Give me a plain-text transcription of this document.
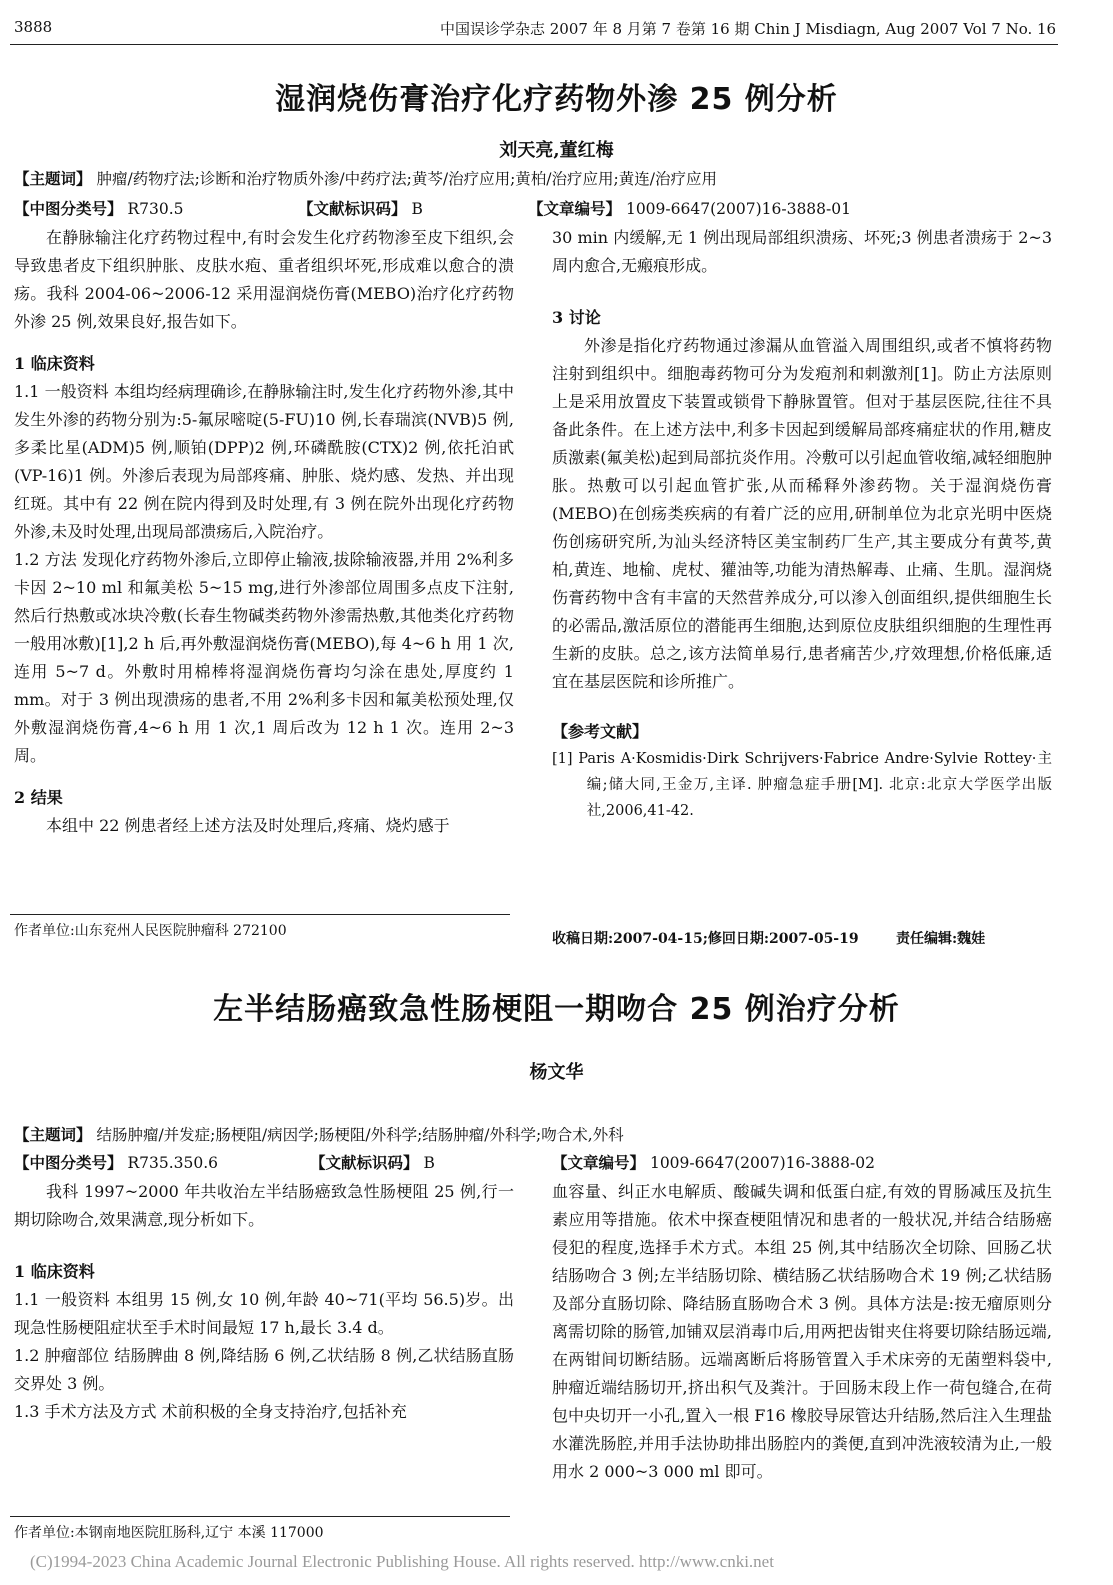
3888	中国误诊学杂志 2007 年 8 月第 7 卷第 16 期 Chin J Misdiagn, Aug 2007 Vol 7 No. 16
湿润烧伤膏治疗化疗药物外渗 25 例分析
刘天亮,董红梅
【主题词】 肿瘤/药物疗法;诊断和治疗物质外渗/中药疗法;黄芩/治疗应用;黄柏/治疗应用;黄连/治疗应用
【中图分类号】 R730.5	【文献标识码】 B	【文章编号】 1009-6647(2007)16-3888-01

在静脉输注化疗药物过程中,有时会发生化疗药物渗至皮下组织,会导致患者皮下组织肿胀、皮肤水疱、重者组织坏死,形成难以愈合的溃疡。我科 2004-06~2006-12 采用湿润烧伤膏(MEBO)治疗化疗药物外渗 25 例,效果良好,报告如下。

1 临床资料

1.1 一般资料 本组均经病理确诊,在静脉输注时,发生化疗药物外渗,其中发生外渗的药物分别为:5-氟尿嘧啶(5-FU)10 例,长春瑞滨(NVB)5 例,多柔比星(ADM)5 例,顺铂(DPP)2 例,环磷酰胺(CTX)2 例,依托泊甙(VP-16)1 例。外渗后表现为局部疼痛、肿胀、烧灼感、发热、并出现红斑。其中有 22 例在院内得到及时处理,有 3 例在院外出现化疗药物外渗,未及时处理,出现局部溃疡后,入院治疗。

1.2 方法 发现化疗药物外渗后,立即停止输液,拔除输液器,并用 2%利多卡因 2~10 ml 和氟美松 5~15 mg,进行外渗部位周围多点皮下注射,然后行热敷或冰块冷敷(长春生物碱类药物外渗需热敷,其他类化疗药物一般用冰敷)[1],2 h 后,再外敷湿润烧伤膏(MEBO),每 4~6 h 用 1 次,连用 5~7 d。外敷时用棉棒将湿润烧伤膏均匀涂在患处,厚度约 1 mm。对于 3 例出现溃疡的患者,不用 2%利多卡因和氟美松预处理,仅外敷湿润烧伤膏,4~6 h 用 1 次,1 周后改为 12 h 1 次。连用 2~3 周。

2 结果

本组中 22 例患者经上述方法及时处理后,疼痛、烧灼感于

30 min 内缓解,无 1 例出现局部组织溃疡、坏死;3 例患者溃疡于 2~3 周内愈合,无瘢痕形成。

3 讨论

外渗是指化疗药物通过渗漏从血管溢入周围组织,或者不慎将药物注射到组织中。细胞毒药物可分为发疱剂和刺激剂[1]。防止方法原则上是采用放置皮下装置或锁骨下静脉置管。但对于基层医院,往往不具备此条件。在上述方法中,利多卡因起到缓解局部疼痛症状的作用,糖皮质激素(氟美松)起到局部抗炎作用。冷敷可以引起血管收缩,减轻细胞肿胀。热敷可以引起血管扩张,从而稀释外渗药物。关于湿润烧伤膏(MEBO)在创疡类疾病的有着广泛的应用,研制单位为北京光明中医烧伤创疡研究所,为汕头经济特区美宝制药厂生产,其主要成分有黄芩,黄柏,黄连、地榆、虎杖、獾油等,功能为清热解毒、止痛、生肌。湿润烧伤膏药物中含有丰富的天然营养成分,可以渗入创面组织,提供细胞生长的必需品,激活原位的潜能再生细胞,达到原位皮肤组织细胞的生理性再生新的皮肤。总之,该方法简单易行,患者痛苦少,疗效理想,价格低廉,适宜在基层医院和诊所推广。

【参考文献】

[1] Paris A·Kosmidis·Dirk Schrijvers·Fabrice Andre·Sylvie Rottey·主编;储大同,王金万,主译. 肿瘤急症手册[M]. 北京:北京大学医学出版社,2006,41-42.

作者单位:山东兖州人民医院肿瘤科 272100	收稿日期:2007-04-15;修回日期:2007-05-19	责任编辑:魏娃
左半结肠癌致急性肠梗阻一期吻合 25 例治疗分析
杨文华
【主题词】 结肠肿瘤/并发症;肠梗阻/病因学;肠梗阻/外科学;结肠肿瘤/外科学;吻合术,外科
【中图分类号】 R735.350.6	【文献标识码】 B	【文章编号】 1009-6647(2007)16-3888-02

我科 1997~2000 年共收治左半结肠癌致急性肠梗阻 25 例,行一期切除吻合,效果满意,现分析如下。

1 临床资料

1.1 一般资料 本组男 15 例,女 10 例,年龄 40~71(平均 56.5)岁。出现急性肠梗阻症状至手术时间最短 17 h,最长 3.4 d。

1.2 肿瘤部位 结肠脾曲 8 例,降结肠 6 例,乙状结肠 8 例,乙状结肠直肠交界处 3 例。

1.3 手术方法及方式 术前积极的全身支持治疗,包括补充

血容量、纠正水电解质、酸碱失调和低蛋白症,有效的胃肠减压及抗生素应用等措施。依术中探查梗阻情况和患者的一般状况,并结合结肠癌侵犯的程度,选择手术方式。本组 25 例,其中结肠次全切除、回肠乙状结肠吻合 3 例;左半结肠切除、横结肠乙状结肠吻合术 19 例;乙状结肠及部分直肠切除、降结肠直肠吻合术 3 例。具体方法是:按无瘤原则分离需切除的肠管,加铺双层消毒巾后,用两把齿钳夹住将要切除结肠远端,在两钳间切断结肠。远端离断后将肠管置入手术床旁的无菌塑料袋中,肿瘤近端结肠切开,挤出积气及粪汁。于回肠末段上作一荷包缝合,在荷包中央切开一小孔,置入一根 F16 橡胶导尿管达升结肠,然后注入生理盐水灌洗肠腔,并用手法协助排出肠腔内的粪便,直到冲洗液较清为止,一般用水 2 000~3 000 ml 即可。

作者单位:本钢南地医院肛肠科,辽宁 本溪 117000
(C)1994-2023 China Academic Journal Electronic Publishing House. All rights reserved. http://www.cnki.net
